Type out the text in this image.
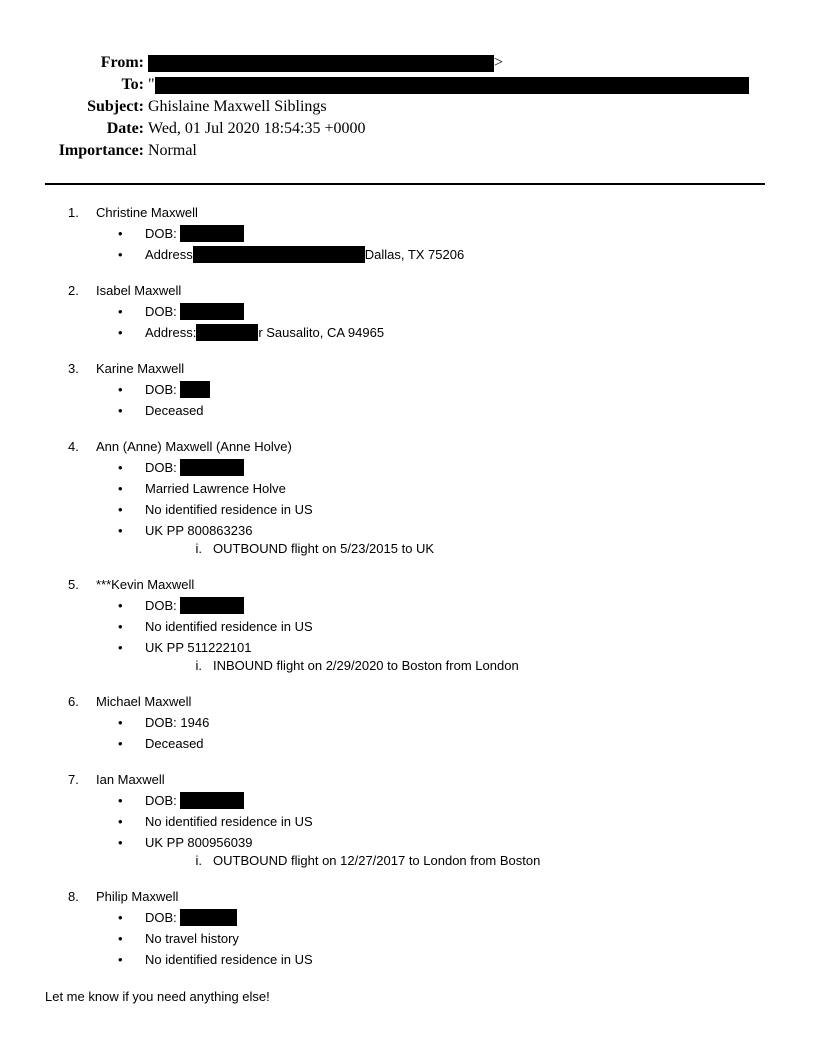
From:	>
To: "
Subject: Ghislaine Maxwell Siblings
Date: Wed, 01 Jul 2020 18:54:35 +0000
Importance: Normal
1. Christine Maxwell
• DOB:
• Address	Dallas, TX 75206
2. Isabel Maxwell
• DOB:
• Address:	r Sausalito, CA 94965
3. Karine Maxwell
• DOB:
• Deceased
4. Ann (Anne) Maxwell (Anne Holve)
• DOB:
• Married Lawrence Holve
• No identified residence in US
• UK PP 800863236
i. OUTBOUND flight on 5/23/2015 to UK
5. ***Kevin Maxwell
• DOB:
• No identified residence in US
• UK PP 511222101
i. INBOUND flight on 2/29/2020 to Boston from London
6. Michael Maxwell
• DOB: 1946
• Deceased
7. Ian Maxwell
• DOB:
• No identified residence in US
• UK PP 800956039
i. OUTBOUND flight on 12/27/2017 to London from Boston
8. Philip Maxwell
• DOB:
• No travel history
• No identified residence in US
Let me know if you need anything else!
